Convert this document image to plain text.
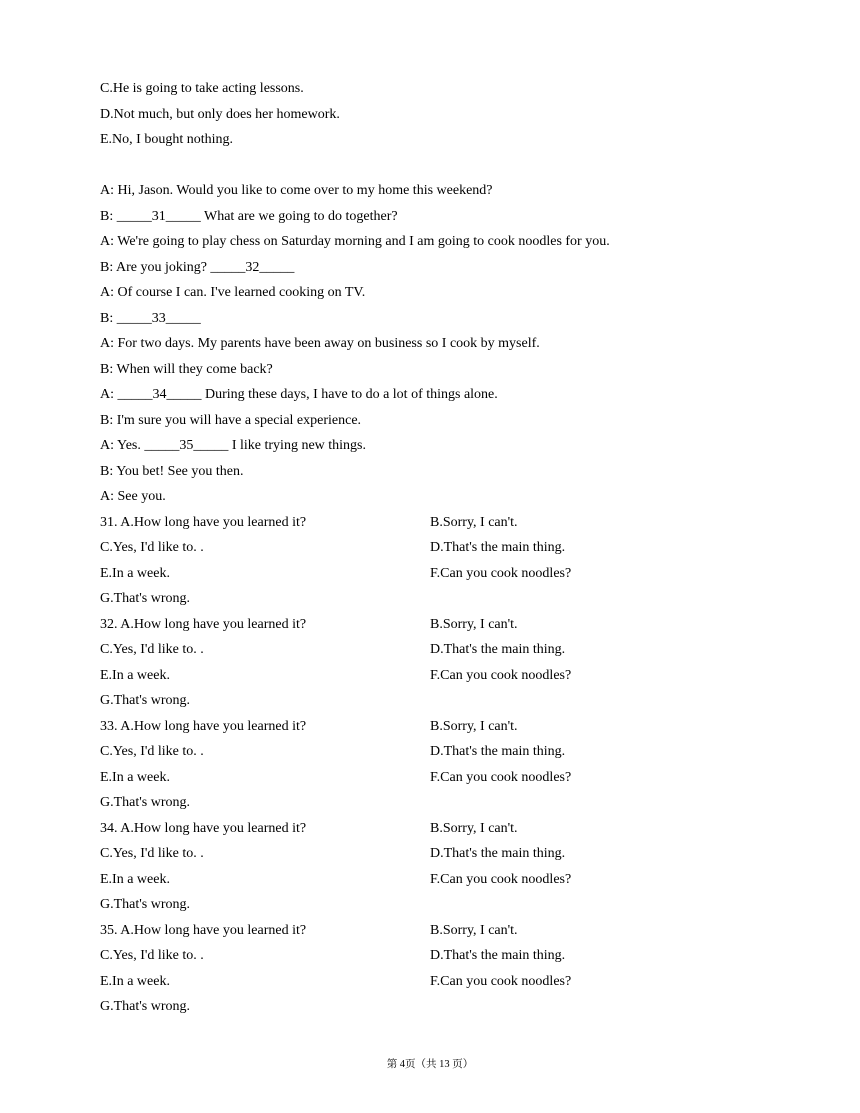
C.He is going to take acting lessons.
D.Not much, but only does her homework.
E.No, I bought nothing.
A: Hi, Jason. Would you like to come over to my home this weekend?
B: _____31_____ What are we going to do together?
A: We're going to play chess on Saturday morning and I am going to cook noodles for you.
B: Are you joking? _____32_____
A: Of course I can. I've learned cooking on TV.
B: _____33_____
A: For two days. My parents have been away on business so I cook by myself.
B: When will they come back?
A: _____34_____ During these days, I have to do a lot of things alone.
B: I'm sure you will have a special experience.
A: Yes. _____35_____ I like trying new things.
B: You bet! See you then.
A: See you.
31. A.How long have you learned it?	B.Sorry, I can't.
C.Yes, I'd like to. .	D.That's the main thing.
E.In a week.	F.Can you cook noodles?
G.That's wrong.
32. A.How long have you learned it?	B.Sorry, I can't.
C.Yes, I'd like to. .	D.That's the main thing.
E.In a week.	F.Can you cook noodles?
G.That's wrong.
33. A.How long have you learned it?	B.Sorry, I can't.
C.Yes, I'd like to. .	D.That's the main thing.
E.In a week.	F.Can you cook noodles?
G.That's wrong.
34. A.How long have you learned it?	B.Sorry, I can't.
C.Yes, I'd like to. .	D.That's the main thing.
E.In a week.	F.Can you cook noodles?
G.That's wrong.
35. A.How long have you learned it?	B.Sorry, I can't.
C.Yes, I'd like to. .	D.That's the main thing.
E.In a week.	F.Can you cook noodles?
G.That's wrong.
第 4页（共 13 页）
